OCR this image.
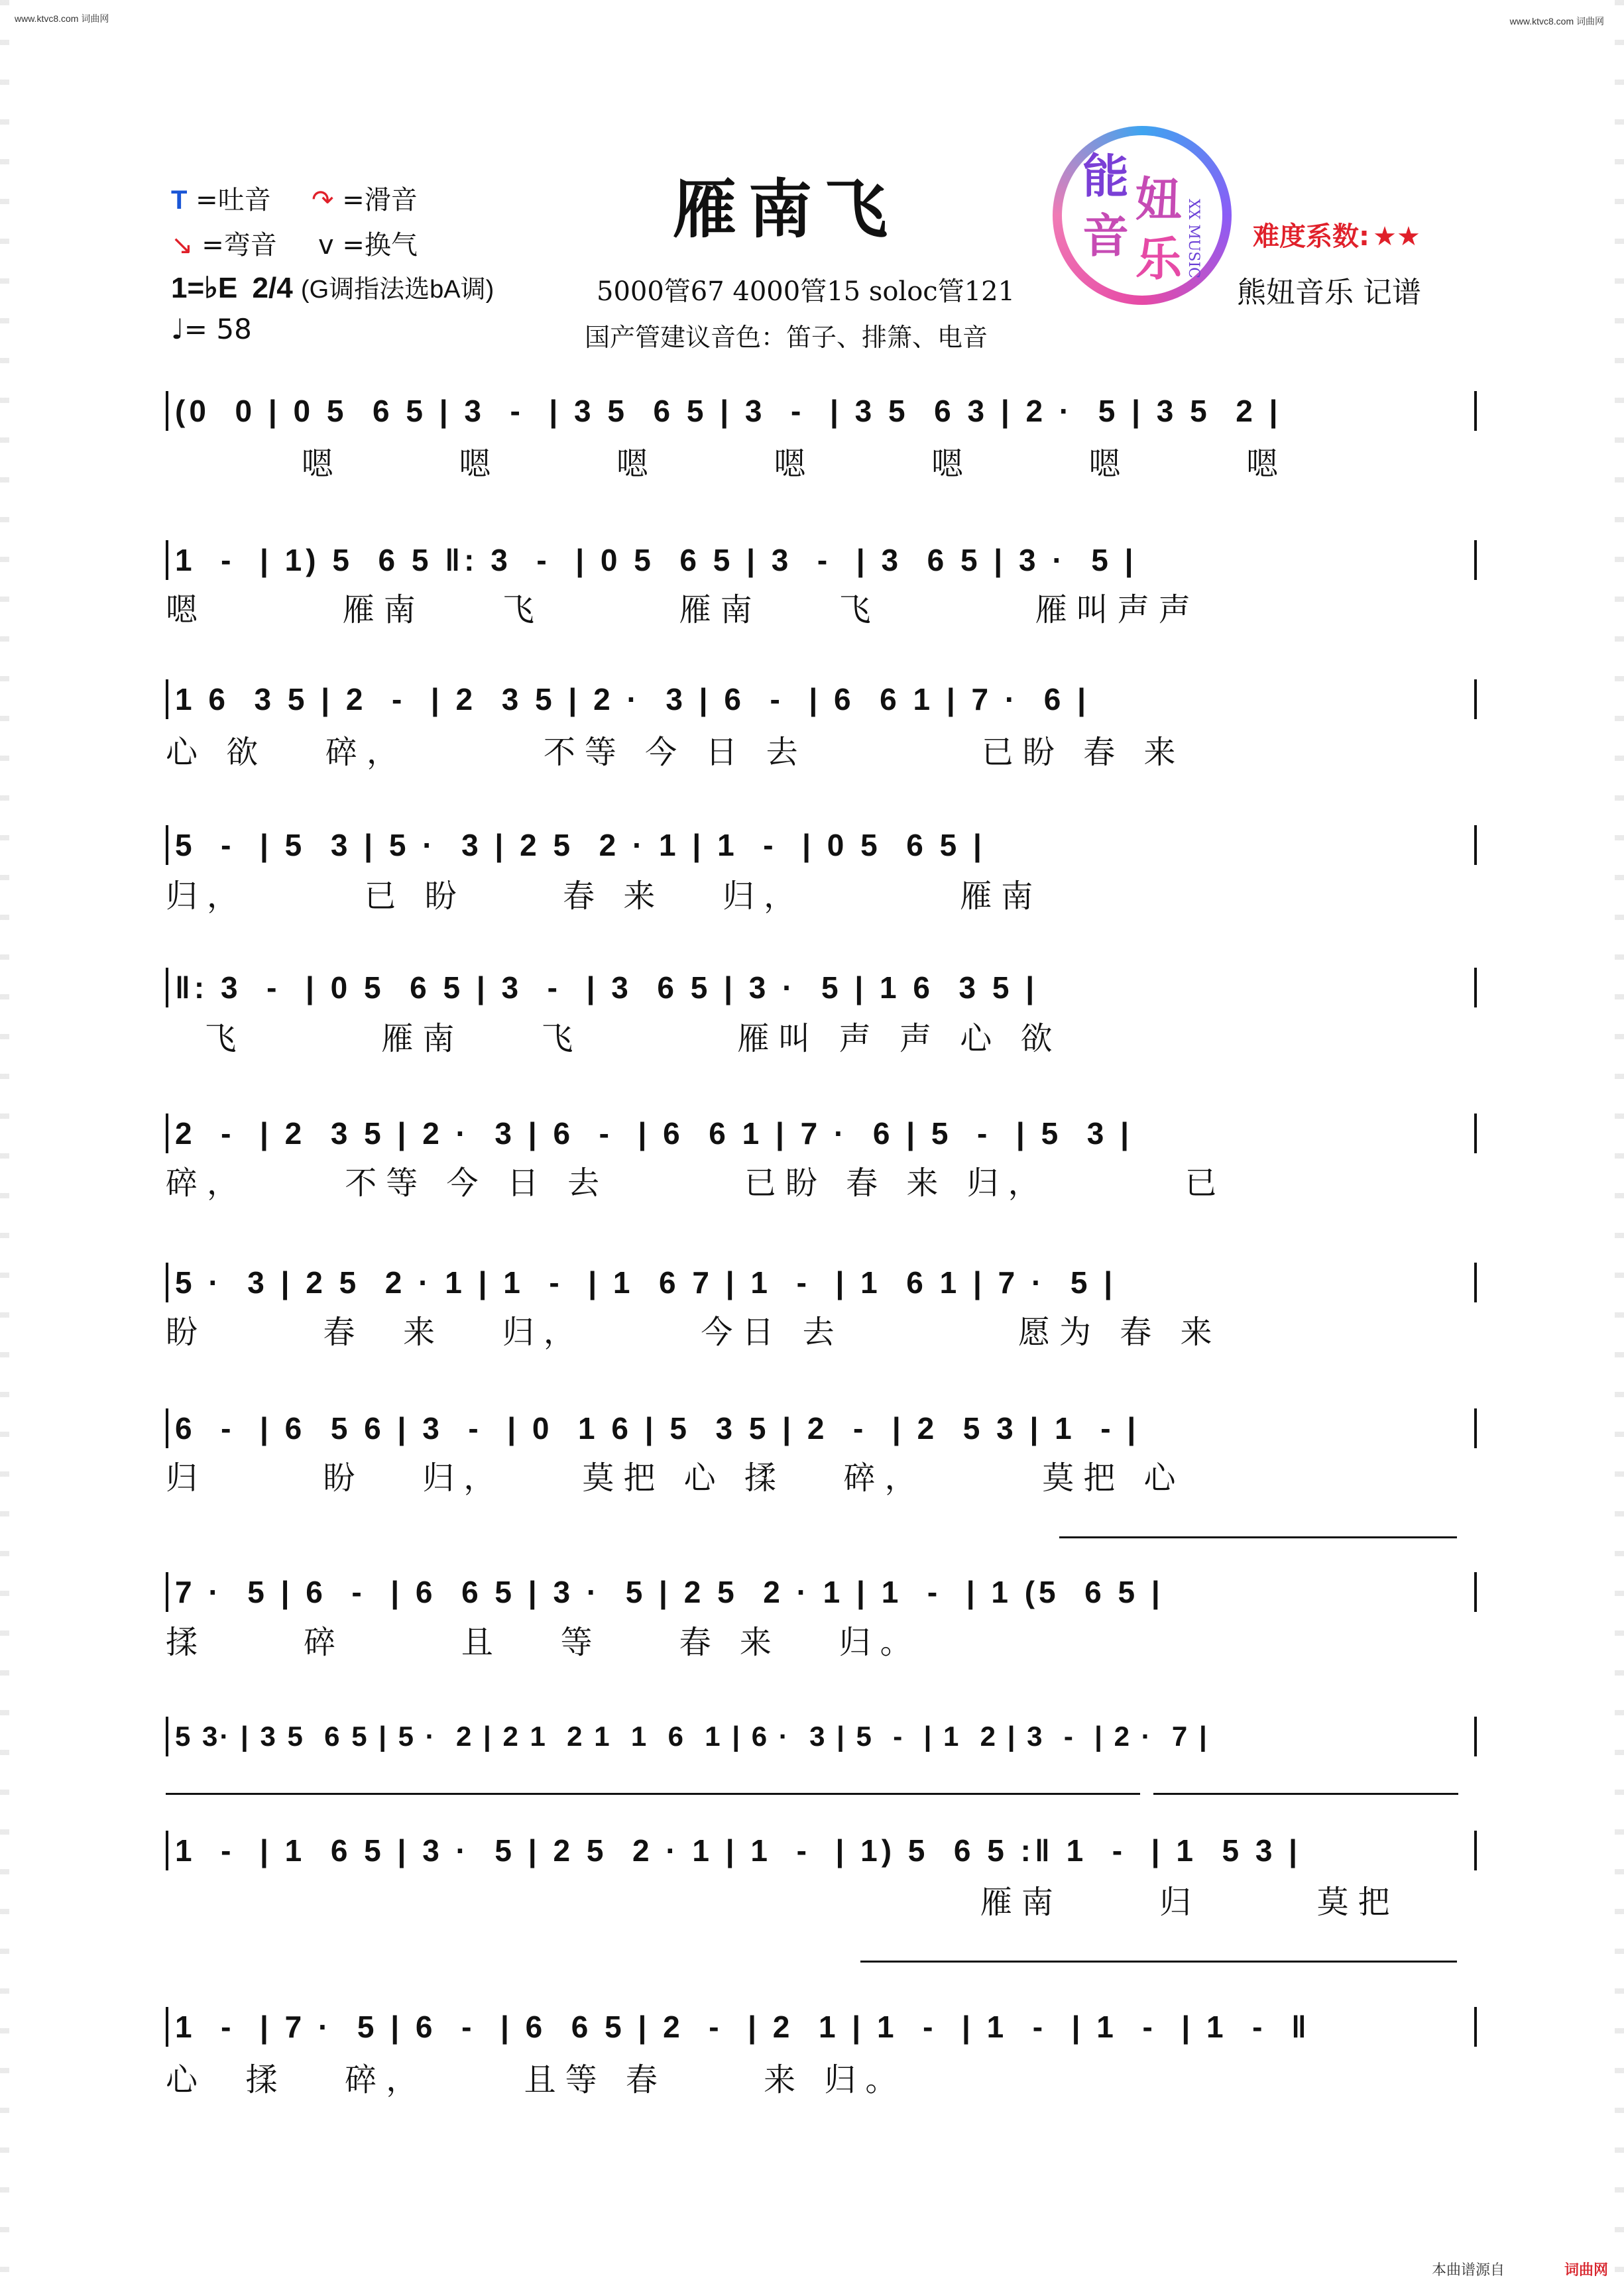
www.ktvc8.com 词曲网	www.ktvc8.com 词曲网
T =吐音 ↷ =滑音
↘ =弯音 v =换气
1=♭E 2/4 (G调指法选bA调)
♩= 58
雁南飞
5000管67 4000管15 soloc管121
国产管建议音色：笛子、排箫、电音
能 妞
音 乐 XX MUSIC 难度系数: ★★
熊妞音乐 记谱
(0  0 | 0 5  6 5 | 3  -  | 3 5  6 5 | 3  -  | 3 5  6 3 | 2 ·  5 | 3 5  2 |
嗯      嗯      嗯      嗯      嗯      嗯      嗯
1  -  | 1) 5  6 5 ‖: 3  -  | 0 5  6 5 | 3  -  | 3  6 5 | 3 ·  5 |
嗯       雁南    飞       雁南    飞        雁叫声声
1 6  3 5 | 2  -  | 2  3 5 | 2 ·  3 | 6  -  | 6  6 1 | 7 ·  6 |
心 欲   碎，       不等 今 日 去         已盼 春 来
5  -  | 5  3 | 5 ·  3 | 2 5  2 · 1 | 1  -  | 0 5  6 5 |
归，      已 盼     春 来   归，        雁南
‖: 3  -  | 0 5  6 5 | 3  -  | 3  6 5 | 3 ·  5 | 1 6  3 5 |
飞       雁南    飞        雁叫 声 声 心 欲
2  -  | 2  3 5 | 2 ·  3 | 6  -  | 6  6 1 | 7 ·  6 | 5  -  | 5  3 |
碎，     不等 今 日 去       已盼 春 来 归，       已
5 ·  3 | 2 5  2 · 1 | 1  -  | 1  6 7 | 1  -  | 1  6 1 | 7 ·  5 |
盼      春  来   归，      今日 去         愿为 春 来
6  -  | 6  5 6 | 3  -  | 0  1 6 | 5  3 5 | 2  -  | 2  5 3 | 1  - |
归      盼   归，    莫把 心 揉   碎，      莫把 心
7 ·  5 | 6  -  | 6  6 5 | 3 ·  5 | 2 5  2 · 1 | 1  -  | 1 (5  6 5 |
揉     碎      且   等    春 来   归。
5 3· | 3 5  6 5 | 5 ·  2 | 2 1  2 1  1  6  1 | 6 ·  3 | 5  -  | 1  2 | 3  -  | 2 ·  7 |
1  -  | 1  6 5 | 3 ·  5 | 2 5  2 · 1 | 1  -  | 1) 5  6 5 :‖ 1  -  | 1  5 3 |
雁南     归      莫把
1  -  | 7 ·  5 | 6  -  | 6  6 5 | 2  -  | 2  1 | 1  -  | 1  -  | 1  -  | 1  -  ‖
心  揉   碎，     且等 春     来 归。
本曲谱源自	词曲网
